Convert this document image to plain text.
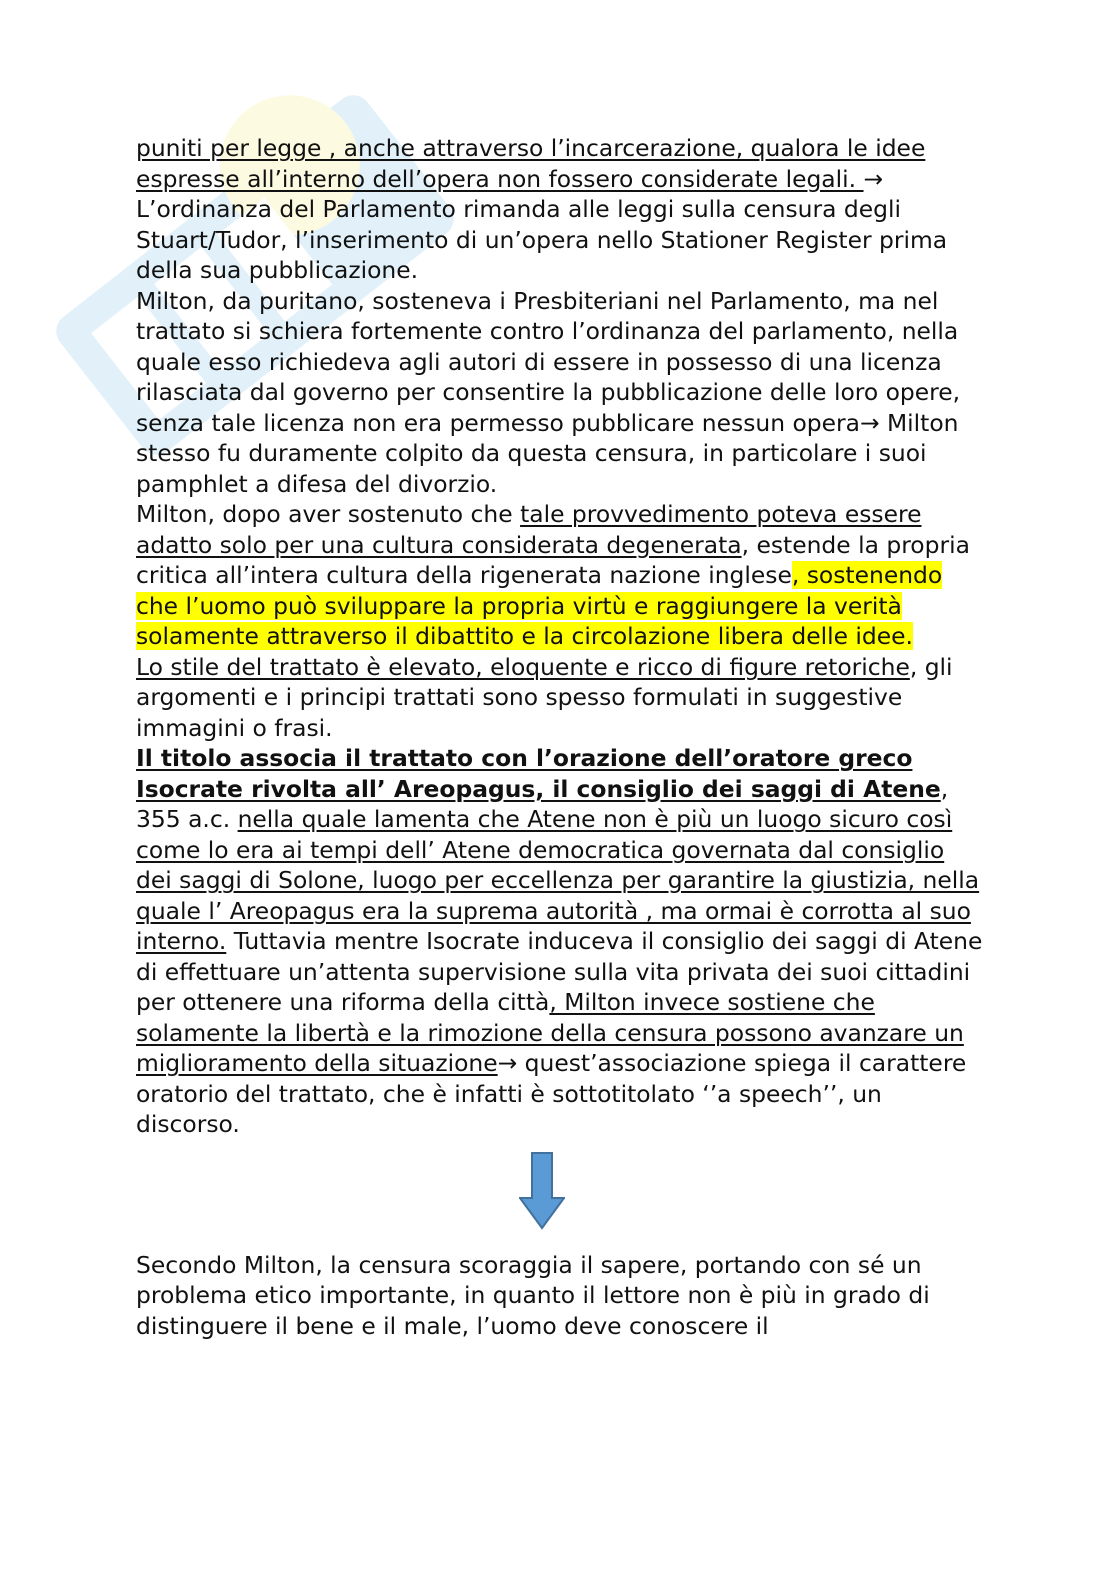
puniti per legge , anche attraverso l’incarcerazione, qualora le idee espresse all’interno dell’opera non fossero considerate legali. → L’ordinanza del Parlamento rimanda alle leggi sulla censura degli Stuart/Tudor, l’inserimento di un’opera nello Stationer Register prima della sua pubblicazione.

Milton, da puritano, sosteneva i Presbiteriani nel Parlamento, ma nel trattato si schiera fortemente contro l’ordinanza del parlamento, nella quale esso richiedeva agli autori di essere in possesso di una licenza rilasciata dal governo per consentire la pubblicazione delle loro opere, senza tale licenza non era permesso pubblicare nessun opera→ Milton stesso fu duramente colpito da questa censura, in particolare i suoi pamphlet a difesa del divorzio.

Milton, dopo aver sostenuto che tale provvedimento poteva essere adatto solo per una cultura considerata degenerata, estende la propria critica all’intera cultura della rigenerata nazione inglese, sostenendo che l’uomo può sviluppare la propria virtù e raggiungere la verità solamente attraverso il dibattito e la circolazione libera delle idee.

Lo stile del trattato è elevato, eloquente e ricco di figure retoriche, gli argomenti e i principi trattati sono spesso formulati in suggestive immagini o frasi.

Il titolo associa il trattato con l’orazione dell’oratore greco Isocrate rivolta all’ Areopagus, il consiglio dei saggi di Atene, 355 a.c. nella quale lamenta che Atene non è più un luogo sicuro così come lo era ai tempi dell’ Atene democratica governata dal consiglio dei saggi di Solone, luogo per eccellenza per garantire la giustizia, nella quale l’ Areopagus era la suprema autorità , ma ormai è corrotta al suo interno. Tuttavia mentre Isocrate induceva il consiglio dei saggi di Atene di effettuare un’attenta supervisione sulla vita privata dei suoi cittadini per ottenere una riforma della città, Milton invece sostiene che solamente la libertà e la rimozione della censura possono avanzare un miglioramento della situazione→ quest’associazione spiega il carattere oratorio del trattato, che è infatti è sottotitolato ‘’a speech’’, un discorso.

Secondo Milton, la censura scoraggia il sapere, portando con sé un problema etico importante, in quanto il lettore non è più in grado di distinguere il bene e il male, l’uomo deve conoscere il
